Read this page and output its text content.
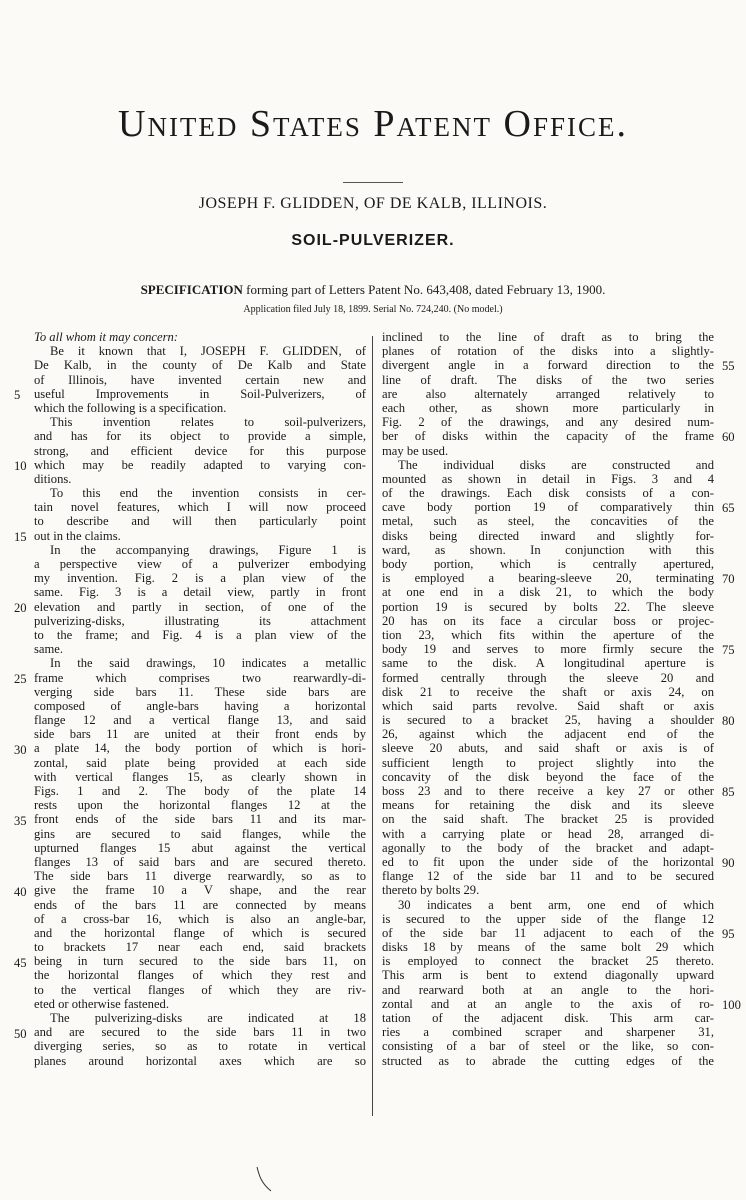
United States Patent Office.
JOSEPH F. GLIDDEN, OF DE KALB, ILLINOIS.
SOIL-PULVERIZER.
SPECIFICATION forming part of Letters Patent No. 643,408, dated February 13, 1900.
Application filed July 18, 1899. Serial No. 724,240. (No model.)
To all whom it may concern:
Be it known that I, JOSEPH F. GLIDDEN, of
De Kalb, in the county of De Kalb and State
of Illinois, have invented certain new and
useful Improvements in Soil-Pulverizers, of
which the following is a specification.
This invention relates to soil-pulverizers,
and has for its object to provide a simple,
strong, and efficient device for this purpose
which may be readily adapted to varying con-
ditions.
To this end the invention consists in cer-
tain novel features, which I will now proceed
to describe and will then particularly point
out in the claims.
In the accompanying drawings, Figure 1 is
a perspective view of a pulverizer embodying
my invention. Fig. 2 is a plan view of the
same. Fig. 3 is a detail view, partly in front
elevation and partly in section, of one of the
pulverizing-disks, illustrating its attachment
to the frame; and Fig. 4 is a plan view of the
same.
In the said drawings, 10 indicates a metallic
frame which comprises two rearwardly-di-
verging side bars 11. These side bars are
composed of angle-bars having a horizontal
flange 12 and a vertical flange 13, and said
side bars 11 are united at their front ends by
a plate 14, the body portion of which is hori-
zontal, said plate being provided at each side
with vertical flanges 15, as clearly shown in
Figs. 1 and 2. The body of the plate 14
rests upon the horizontal flanges 12 at the
front ends of the side bars 11 and its mar-
gins are secured to said flanges, while the
upturned flanges 15 abut against the vertical
flanges 13 of said bars and are secured thereto.
The side bars 11 diverge rearwardly, so as to
give the frame 10 a V shape, and the rear
ends of the bars 11 are connected by means
of a cross-bar 16, which is also an angle-bar,
and the horizontal flange of which is secured
to brackets 17 near each end, said brackets
being in turn secured to the side bars 11, on
the horizontal flanges of which they rest and
to the vertical flanges of which they are riv-
eted or otherwise fastened.
The pulverizing-disks are indicated at 18
and are secured to the side bars 11 in two
diverging series, so as to rotate in vertical
planes around horizontal axes which are so
inclined to the line of draft as to bring the
planes of rotation of the disks into a slightly-
divergent angle in a forward direction to the
line of draft. The disks of the two series
are also alternately arranged relatively to
each other, as shown more particularly in
Fig. 2 of the drawings, and any desired num-
ber of disks within the capacity of the frame
may be used.
The individual disks are constructed and
mounted as shown in detail in Figs. 3 and 4
of the drawings. Each disk consists of a con-
cave body portion 19 of comparatively thin
metal, such as steel, the concavities of the
disks being directed inward and slightly for-
ward, as shown. In conjunction with this
body portion, which is centrally apertured,
is employed a bearing-sleeve 20, terminating
at one end in a disk 21, to which the body
portion 19 is secured by bolts 22. The sleeve
20 has on its face a circular boss or projec-
tion 23, which fits within the aperture of the
body 19 and serves to more firmly secure the
same to the disk. A longitudinal aperture is
formed centrally through the sleeve 20 and
disk 21 to receive the shaft or axis 24, on
which said parts revolve. Said shaft or axis
is secured to a bracket 25, having a shoulder
26, against which the adjacent end of the
sleeve 20 abuts, and said shaft or axis is of
sufficient length to project slightly into the
concavity of the disk beyond the face of the
boss 23 and to there receive a key 27 or other
means for retaining the disk and its sleeve
on the said shaft. The bracket 25 is provided
with a carrying plate or head 28, arranged di-
agonally to the body of the bracket and adapt-
ed to fit upon the under side of the horizontal
flange 12 of the side bar 11 and to be secured
thereto by bolts 29.
30 indicates a bent arm, one end of which
is secured to the upper side of the flange 12
of the side bar 11 adjacent to each of the
disks 18 by means of the same bolt 29 which
is employed to connect the bracket 25 thereto.
This arm is bent to extend diagonally upward
and rearward both at an angle to the hori-
zontal and at an angle to the axis of ro-
tation of the adjacent disk. This arm car-
ries a combined scraper and sharpener 31,
consisting of a bar of steel or the like, so con-
structed as to abrade the cutting edges of the
5
10
15
20
25
30
35
40
45
50
55
60
65
70
75
80
85
90
95
100
